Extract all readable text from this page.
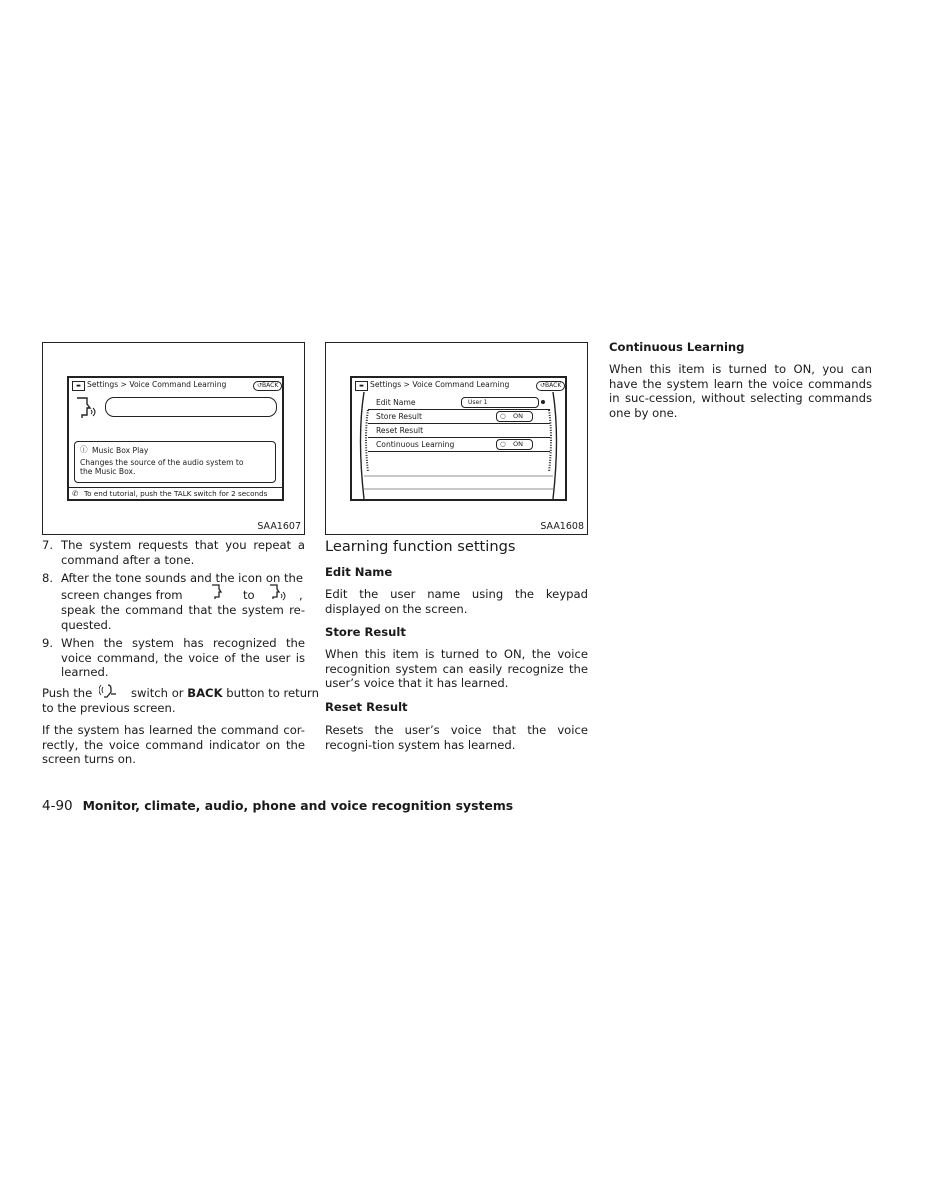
▬ Settings > Voice Command Learning	↺BACK
ⓘ Music Box Play
Changes the source of the audio system to the Music Box.
✆ To end tutorial, push the TALK switch for 2 seconds
SAA1607
▬ Settings > Voice Command Learning	↺BACK
Edit Name	User 1
Store Result	○ ON
Reset Result
Continuous Learning	○ ON
SAA1608
7. The system requests that you repeat a command after a tone.
8. After the tone sounds and the icon on the
screen changes from	to	,
speak the command that the system re-quested.
9. When the system has recognized the voice command, the voice of the user is learned.
Push the	switch or BACK button to return
to the previous screen.
If the system has learned the command cor-rectly, the voice command indicator on the screen turns on.
Learning function settings
Edit Name
Edit the user name using the keypad displayed on the screen.
Store Result
When this item is turned to ON, the voice recognition system can easily recognize the user’s voice that it has learned.
Reset Result
Resets the user’s voice that the voice recogni-tion system has learned.
Continuous Learning
When this item is turned to ON, you can have the system learn the voice commands in suc-cession, without selecting commands one by one.
4-90 Monitor, climate, audio, phone and voice recognition systems
